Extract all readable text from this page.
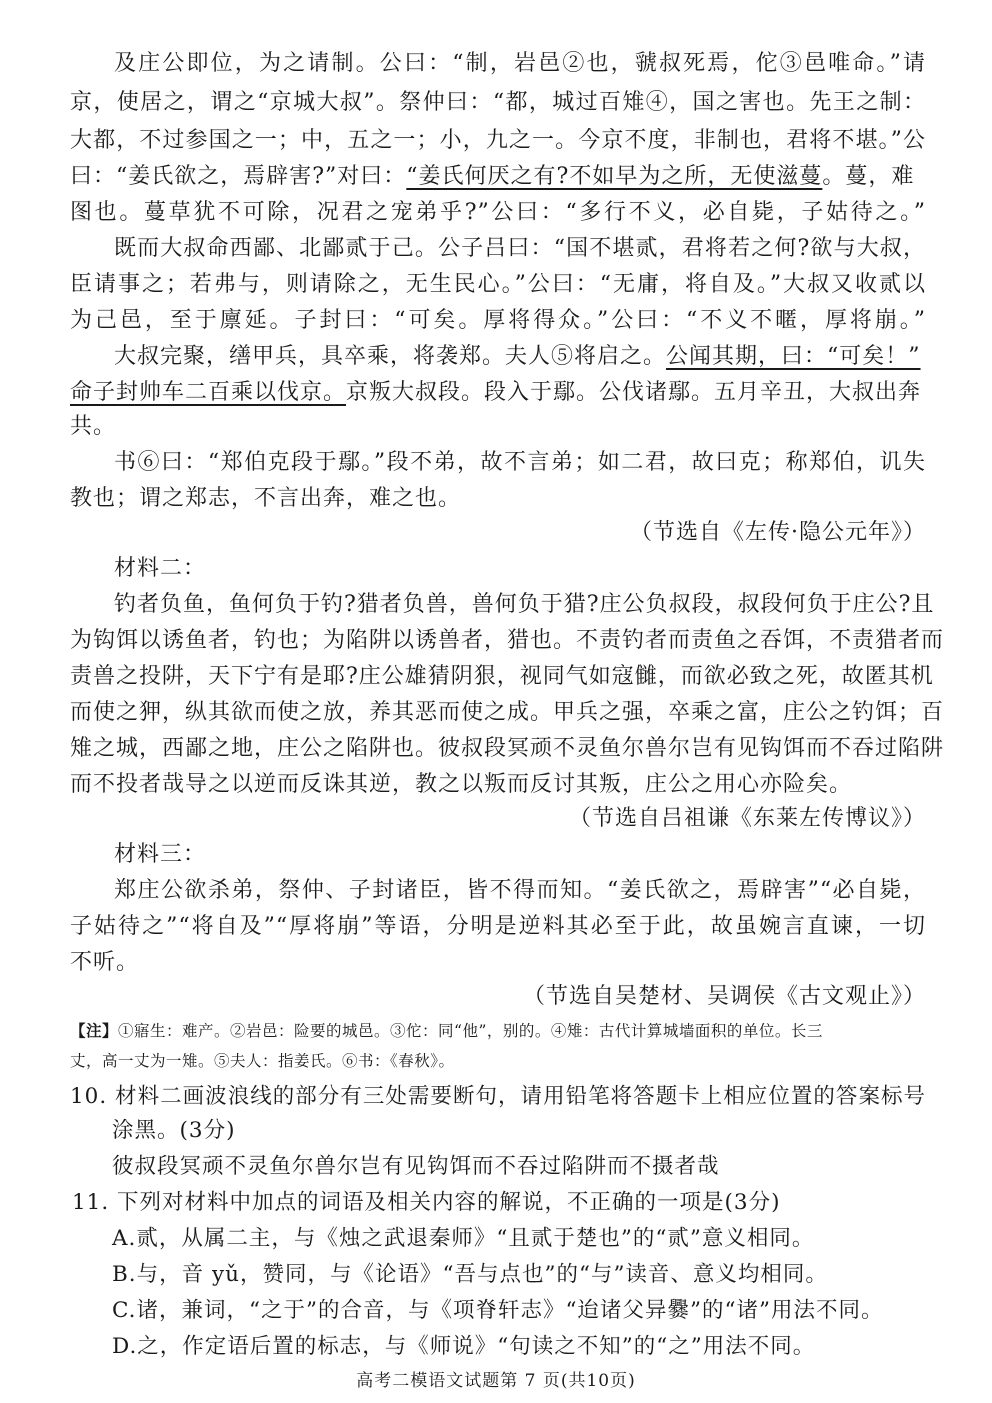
及庄公即位，为之请制。公曰：“制，岩邑②也，虢叔死焉，佗③邑唯命。”请
京，使居之，谓之“京城大叔”。祭仲曰：“都，城过百雉④，国之害也。先王之制：
大都，不过参国之一；中，五之一；小，九之一。今京不度，非制也，君将不堪。”公
曰：“姜氏欲之，焉辟害?”对曰：“姜氏何厌之有?不如早为之所，无使滋蔓。蔓，难
图也。蔓草犹不可除，况君之宠弟乎?”公曰：“多行不义，必自毙，子姑待之。”
既而大叔命西鄙、北鄙贰于己。公子吕曰：“国不堪贰，君将若之何?欲与大叔，
臣请事之；若弗与，则请除之，无生民心。”公曰：“无庸，将自及。”大叔又收贰以
为己邑，至于廪延。子封曰：“可矣。厚将得众。”公曰：“不义不暱，厚将崩。”
大叔完聚，缮甲兵，具卒乘，将袭郑。夫人⑤将启之。公闻其期，曰：“可矣！”
命子封帅车二百乘以伐京。京叛大叔段。段入于鄢。公伐诸鄢。五月辛丑，大叔出奔
共。
书⑥曰：“郑伯克段于鄢。”段不弟，故不言弟；如二君，故曰克；称郑伯，讥失
教也；谓之郑志，不言出奔，难之也。
（节选自《左传·隐公元年》）
材料二：
钓者负鱼，鱼何负于钓?猎者负兽，兽何负于猎?庄公负叔段，叔段何负于庄公?且
为钩饵以诱鱼者，钓也；为陷阱以诱兽者，猎也。不责钓者而责鱼之吞饵，不责猎者而
责兽之投阱，天下宁有是耶?庄公雄猜阴狠，视同气如寇雠，而欲必致之死，故匿其机
而使之狎，纵其欲而使之放，养其恶而使之成。甲兵之强，卒乘之富，庄公之钓饵；百
雉之城，西鄙之地，庄公之陷阱也。彼叔段冥顽不灵鱼尔兽尔岂有见钩饵而不吞过陷阱
而不投者哉导之以逆而反诛其逆，教之以叛而反讨其叛，庄公之用心亦险矣。
（节选自吕祖谦《东莱左传博议》）
材料三：
郑庄公欲杀弟，祭仲、子封诸臣，皆不得而知。“姜氏欲之，焉辟害”“必自毙，
子姑待之”“将自及”“厚将崩”等语，分明是逆料其必至于此，故虽婉言直谏，一切
不听。
（节选自吴楚材、吴调侯《古文观止》）
【注】①寤生：难产。②岩邑：险要的城邑。③佗：同“他”，别的。④雉：古代计算城墙面积的单位。长三
丈，高一丈为一雉。⑤夫人：指姜氏。⑥书：《春秋》。
10. 材料二画波浪线的部分有三处需要断句，请用铅笔将答题卡上相应位置的答案标号
涂黑。(3分)
彼叔段冥顽不灵鱼尔兽尔岂有见钩饵而不吞过陷阱而不摄者哉
11. 下列对材料中加点的词语及相关内容的解说，不正确的一项是(3分)
A.贰，从属二主，与《烛之武退秦师》“且贰于楚也”的“贰”意义相同。
B.与，音 yǔ，赞同，与《论语》“吾与点也”的“与”读音、意义均相同。
C.诸，兼词，“之于”的合音，与《项脊轩志》“迨诸父异爨”的“诸”用法不同。
D.之，作定语后置的标志，与《师说》“句读之不知”的“之”用法不同。
高考二模语文试题第 7 页(共10页)
